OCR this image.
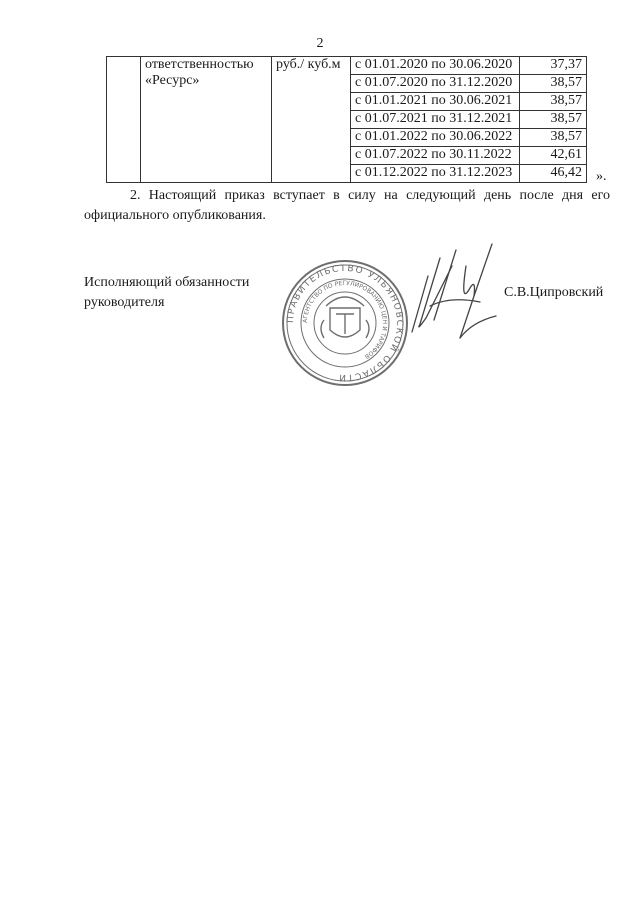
2
	ответственностью «Ресурс»	руб./ куб.м	с 01.01.2020 по 30.06.2020	37,37
			с 01.07.2020 по 31.12.2020	38,57
			с 01.01.2021 по 30.06.2021	38,57
			с 01.07.2021 по 31.12.2021	38,57
			с 01.01.2022 по 30.06.2022	38,57
			с 01.07.2022 по 30.11.2022	42,61
			с 01.12.2022 по 31.12.2023	46,42 ».
2. Настоящий приказ вступает в силу на следующий день после дня его официального опубликования.
Исполняющий обязанности
руководителя
ПРАВИТЕЛЬСТВО УЛЬЯНОВСКОЙ ОБЛАСТИ
АГЕНТСТВО ПО РЕГУЛИРОВАНИЮ ЦЕН И ТАРИФОВ
С.В.Ципровский
